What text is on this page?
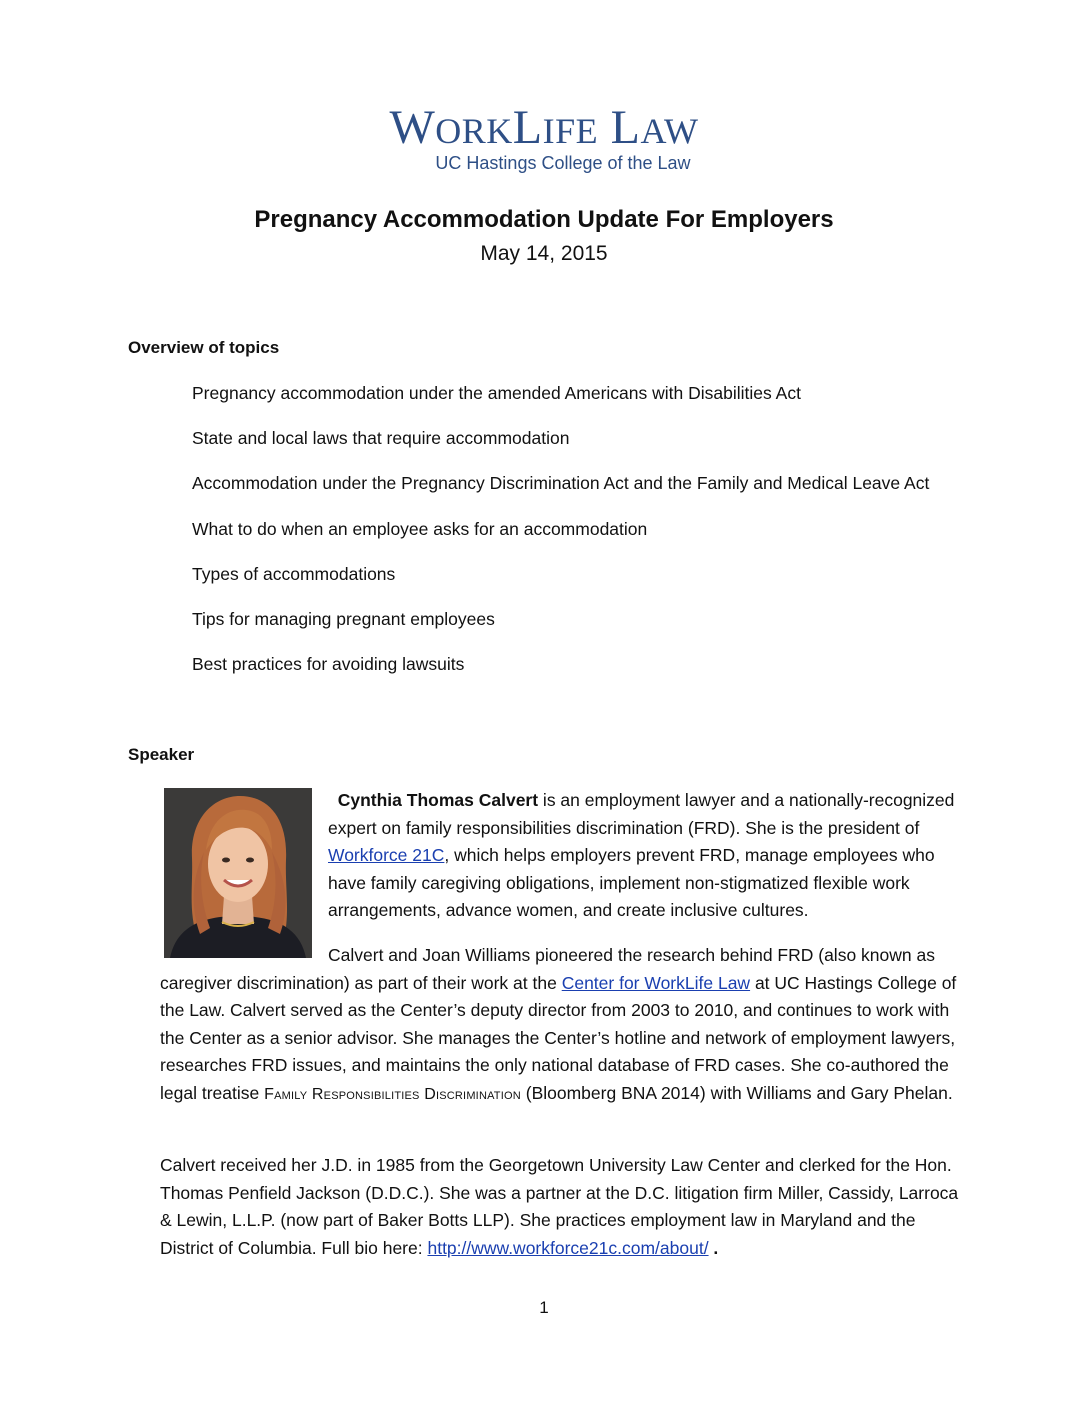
WORKLIFE LAW
UC Hastings College of the Law
Pregnancy Accommodation Update For Employers
May 14, 2015
Overview of topics
Pregnancy accommodation under the amended Americans with Disabilities Act
State and local laws that require accommodation
Accommodation under the Pregnancy Discrimination Act and the Family and Medical Leave Act
What to do when an employee asks for an accommodation
Types of accommodations
Tips for managing pregnant employees
Best practices for avoiding lawsuits
Speaker
Cynthia Thomas Calvert is an employment lawyer and a nationally-recognized expert on family responsibilities discrimination (FRD). She is the president of Workforce 21C, which helps employers prevent FRD, manage employees who have family caregiving obligations, implement non-stigmatized flexible work arrangements, advance women, and create inclusive cultures.
Calvert and Joan Williams pioneered the research behind FRD (also known as caregiver discrimination) as part of their work at the Center for WorkLife Law at UC Hastings College of the Law. Calvert served as the Center’s deputy director from 2003 to 2010, and continues to work with the Center as a senior advisor. She manages the Center’s hotline and network of employment lawyers, researches FRD issues, and maintains the only national database of FRD cases. She co-authored the legal treatise Family Responsibilities Discrimination (Bloomberg BNA 2014) with Williams and Gary Phelan.
Calvert received her J.D. in 1985 from the Georgetown University Law Center and clerked for the Hon. Thomas Penfield Jackson (D.D.C.). She was a partner at the D.C. litigation firm Miller, Cassidy, Larroca & Lewin, L.L.P. (now part of Baker Botts LLP). She practices employment law in Maryland and the District of Columbia. Full bio here: http://www.workforce21c.com/about/ .
1
